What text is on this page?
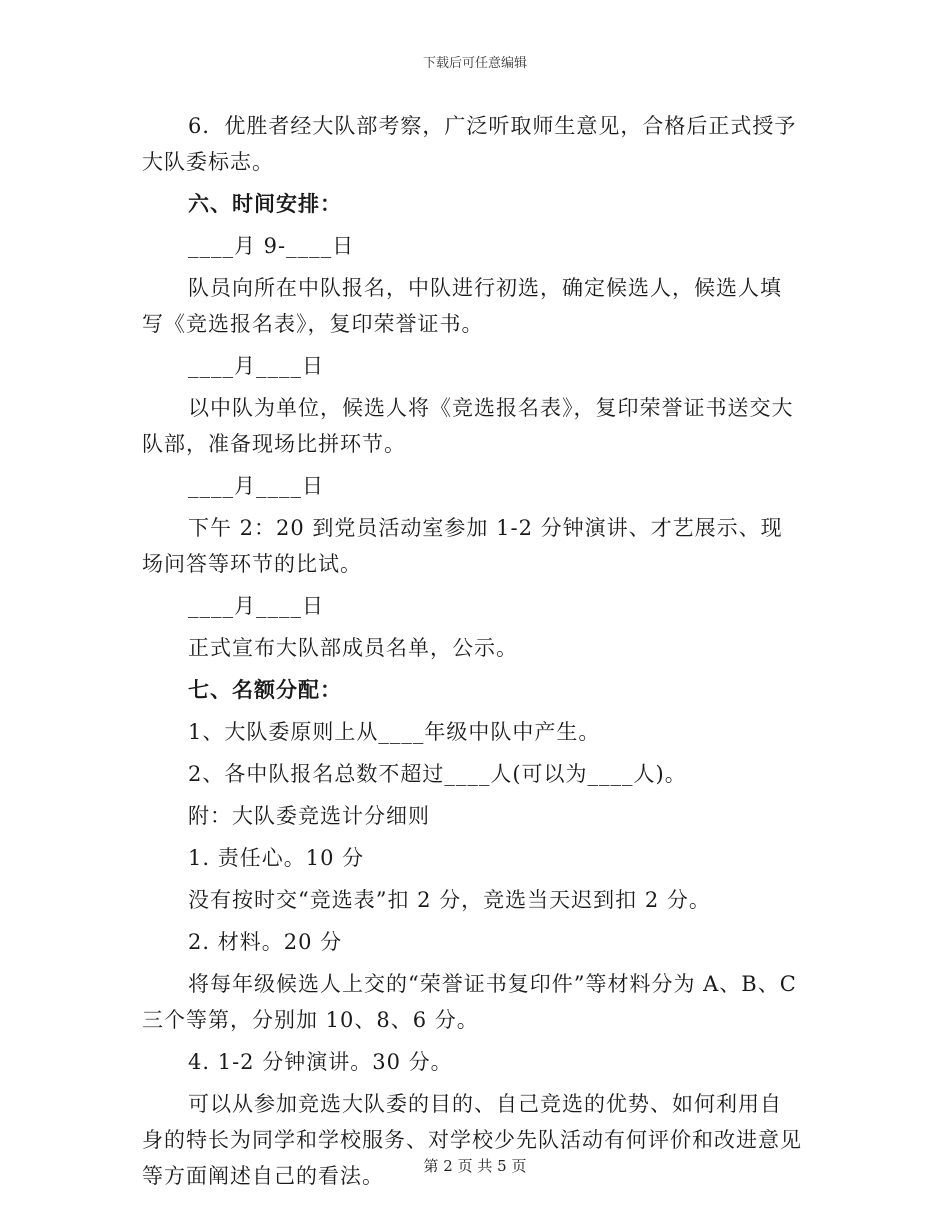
下载后可任意编辑

6．优胜者经大队部考察，广泛听取师生意见，合格后正式授予大队委标志。

六、时间安排：

____月 9-____日

队员向所在中队报名，中队进行初选，确定候选人，候选人填写《竞选报名表》，复印荣誉证书。

____月____日

以中队为单位，候选人将《竞选报名表》，复印荣誉证书送交大队部，准备现场比拼环节。

____月____日

下午 2：20 到党员活动室参加 1-2 分钟演讲、才艺展示、现场问答等环节的比试。

____月____日

正式宣布大队部成员名单，公示。

七、名额分配：

1、大队委原则上从____年级中队中产生。

2、各中队报名总数不超过____人(可以为____人)。

附：大队委竞选计分细则

1. 责任心。10 分

没有按时交“竞选表”扣 2 分，竞选当天迟到扣 2 分。

2. 材料。20 分

将每年级候选人上交的“荣誉证书复印件”等材料分为 A、B、C 三个等第，分别加 10、8、6 分。

4. 1-2 分钟演讲。30 分。

可以从参加竞选大队委的目的、自己竞选的优势、如何利用自身的特长为同学和学校服务、对学校少先队活动有何评价和改进意见等方面阐述自己的看法。	第 2 页 共 5 页
